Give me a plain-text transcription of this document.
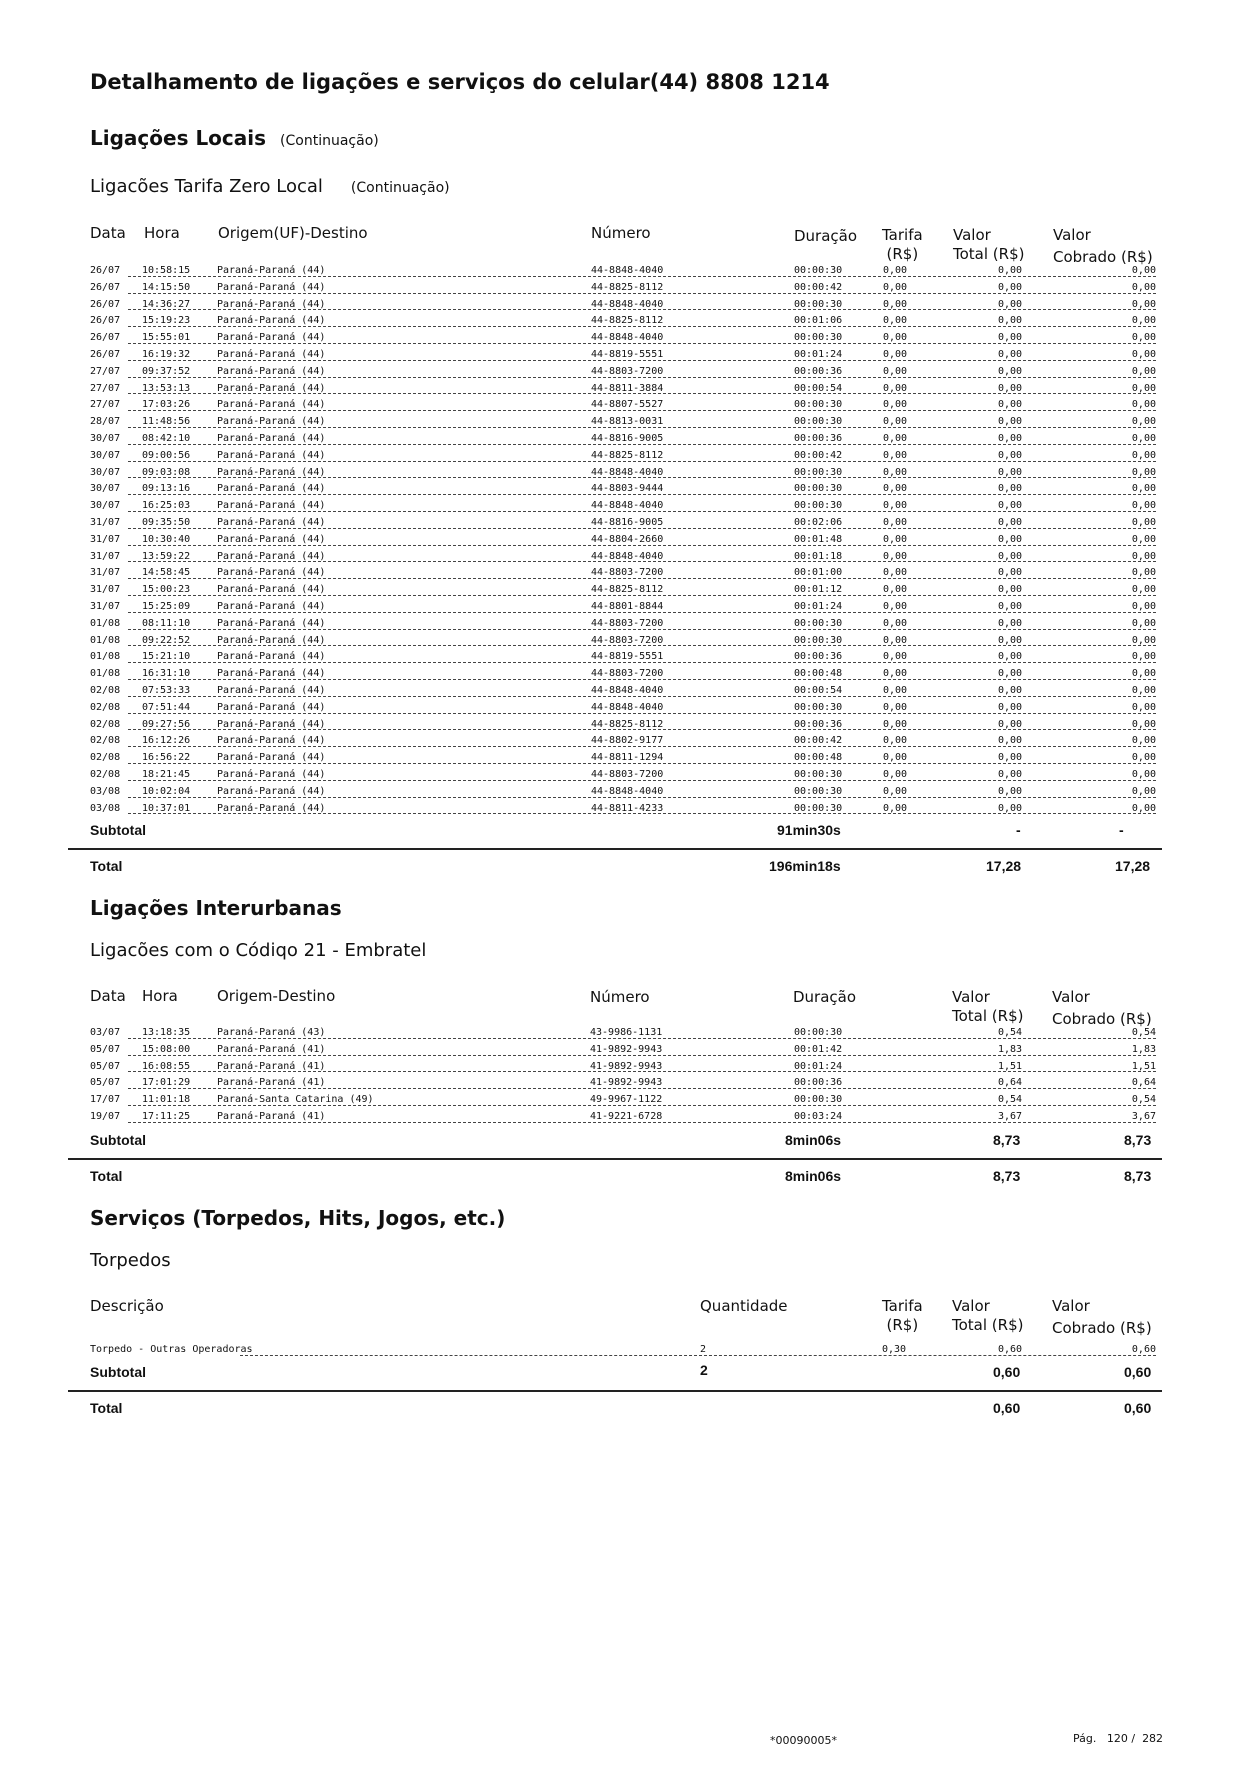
Detalhamento de ligações e serviços do celular(44) 8808 1214
Ligações Locais (Continuação)
Ligacões Tarifa Zero Local (Continuação)
Data Hora	Origem(UF)-Destino	Número	Duração Tarifa
(R$)
Valor
Total (R$)
Valor
Cobrado (R$)
26/07 10:58:15	Paraná-Paraná (44)	44-8848-4040	00:00:30	0,00	0,00	0,00
26/07 14:15:50	Paraná-Paraná (44)	44-8825-8112	00:00:42	0,00	0,00	0,00
26/07 14:36:27	Paraná-Paraná (44)	44-8848-4040	00:00:30	0,00	0,00	0,00
26/07 15:19:23	Paraná-Paraná (44)	44-8825-8112	00:01:06	0,00	0,00	0,00
26/07 15:55:01	Paraná-Paraná (44)	44-8848-4040	00:00:30	0,00	0,00	0,00
26/07 16:19:32	Paraná-Paraná (44)	44-8819-5551	00:01:24	0,00	0,00	0,00
27/07 09:37:52	Paraná-Paraná (44)	44-8803-7200	00:00:36	0,00	0,00	0,00
27/07 13:53:13	Paraná-Paraná (44)	44-8811-3884	00:00:54	0,00	0,00	0,00
27/07 17:03:26	Paraná-Paraná (44)	44-8807-5527	00:00:30	0,00	0,00	0,00
28/07 11:48:56	Paraná-Paraná (44)	44-8813-0031	00:00:30	0,00	0,00	0,00
30/07 08:42:10	Paraná-Paraná (44)	44-8816-9005	00:00:36	0,00	0,00	0,00
30/07 09:00:56	Paraná-Paraná (44)	44-8825-8112	00:00:42	0,00	0,00	0,00
30/07 09:03:08	Paraná-Paraná (44)	44-8848-4040	00:00:30	0,00	0,00	0,00
30/07 09:13:16	Paraná-Paraná (44)	44-8803-9444	00:00:30	0,00	0,00	0,00
30/07 16:25:03	Paraná-Paraná (44)	44-8848-4040	00:00:30	0,00	0,00	0,00
31/07 09:35:50	Paraná-Paraná (44)	44-8816-9005	00:02:06	0,00	0,00	0,00
31/07 10:30:40	Paraná-Paraná (44)	44-8804-2660	00:01:48	0,00	0,00	0,00
31/07 13:59:22	Paraná-Paraná (44)	44-8848-4040	00:01:18	0,00	0,00	0,00
31/07 14:58:45	Paraná-Paraná (44)	44-8803-7200	00:01:00	0,00	0,00	0,00
31/07 15:00:23	Paraná-Paraná (44)	44-8825-8112	00:01:12	0,00	0,00	0,00
31/07 15:25:09	Paraná-Paraná (44)	44-8801-8844	00:01:24	0,00	0,00	0,00
01/08 08:11:10	Paraná-Paraná (44)	44-8803-7200	00:00:30	0,00	0,00	0,00
01/08 09:22:52	Paraná-Paraná (44)	44-8803-7200	00:00:30	0,00	0,00	0,00
01/08 15:21:10	Paraná-Paraná (44)	44-8819-5551	00:00:36	0,00	0,00	0,00
01/08 16:31:10	Paraná-Paraná (44)	44-8803-7200	00:00:48	0,00	0,00	0,00
02/08 07:53:33	Paraná-Paraná (44)	44-8848-4040	00:00:54	0,00	0,00	0,00
02/08 07:51:44	Paraná-Paraná (44)	44-8848-4040	00:00:30	0,00	0,00	0,00
02/08 09:27:56	Paraná-Paraná (44)	44-8825-8112	00:00:36	0,00	0,00	0,00
02/08 16:12:26	Paraná-Paraná (44)	44-8802-9177	00:00:42	0,00	0,00	0,00
02/08 16:56:22	Paraná-Paraná (44)	44-8811-1294	00:00:48	0,00	0,00	0,00
02/08 18:21:45	Paraná-Paraná (44)	44-8803-7200	00:00:30	0,00	0,00	0,00
03/08 10:02:04	Paraná-Paraná (44)	44-8848-4040	00:00:30	0,00	0,00	0,00
03/08 10:37:01	Paraná-Paraná (44)	44-8811-4233	00:00:30	0,00	0,00	0,00
Subtotal	91min30s	-	-
Total	196min18s	17,28	17,28
Ligações Interurbanas
Ligacões com o Códiqo 21 - Embratel
Data Hora	Origem-Destino	Número	Duração	Valor
Total (R$)
Valor
Cobrado (R$)
03/07 13:18:35	Paraná-Paraná (43)	43-9986-1131	00:00:30	0,54	0,54
05/07 15:08:00	Paraná-Paraná (41)	41-9892-9943	00:01:42	1,83	1,83
05/07 16:08:55	Paraná-Paraná (41)	41-9892-9943	00:01:24	1,51	1,51
05/07 17:01:29	Paraná-Paraná (41)	41-9892-9943	00:00:36	0,64	0,64
17/07 11:01:18	Paraná-Santa Catarina (49)	49-9967-1122	00:00:30	0,54	0,54
19/07 17:11:25	Paraná-Paraná (41)	41-9221-6728	00:03:24	3,67	3,67
Subtotal	8min06s	8,73	8,73
Total	8min06s	8,73	8,73
Serviços (Torpedos, Hits, Jogos, etc.)
Torpedos
Descrição	Quantidade	Tarifa
(R$)
Valor
Total (R$)
Valor
Cobrado (R$)
Torpedo - Outras Operadoras	2	0,30	0,60	0,60
Subtotal	2	0,60	0,60
Total	0,60	0,60
*00090005*	Pág. 120 / 282
